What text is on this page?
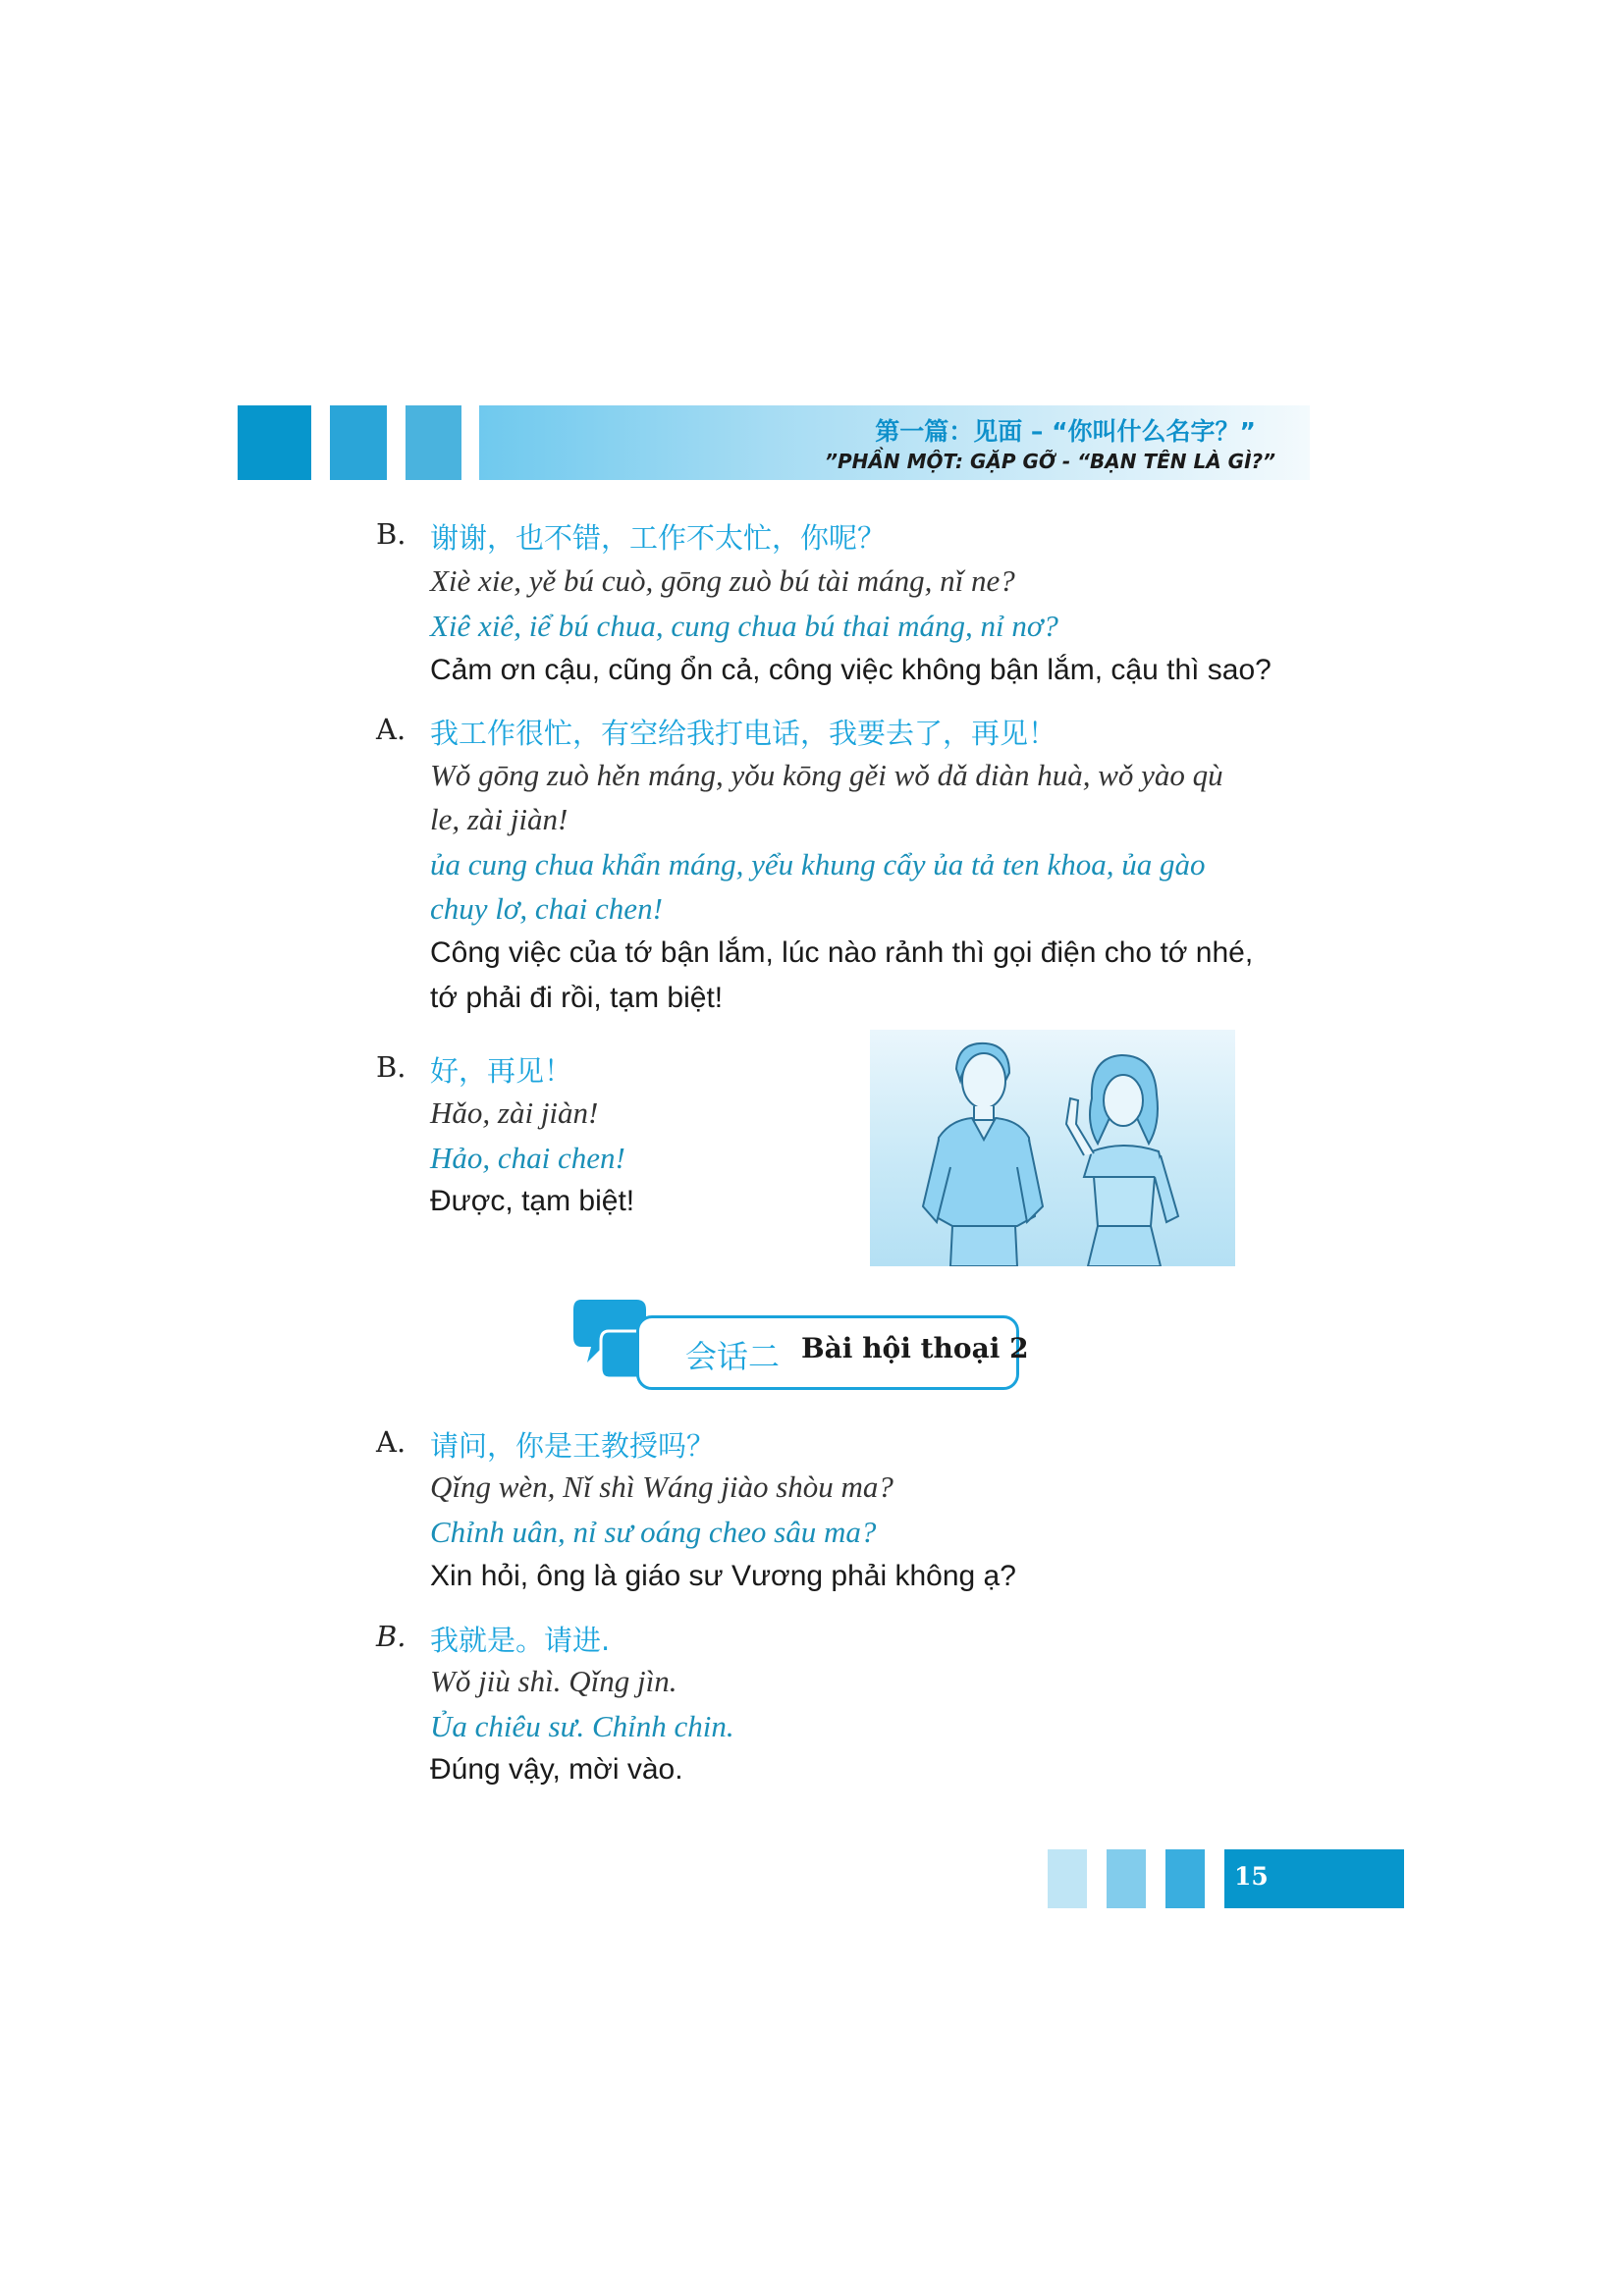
第一篇：见面 – “你叫什么名字？”
”PHẦN MỘT: GẶP GỠ - “BẠN TÊN LÀ GÌ?”
B. 谢谢，也不错，工作不太忙，你呢？
Xiè xie, yě bú cuò, gōng zuò bú tài máng, nǐ ne?
Xiê xiê, iể bú chua, cung chua bú thai máng, nỉ nơ?
Cảm ơn cậu, cũng ổn cả, công việc không bận lắm, cậu thì sao?
A. 我工作很忙，有空给我打电话，我要去了，再见！
Wǒ gōng zuò hěn máng, yǒu kōng gěi wǒ dǎ diàn huà, wǒ yào qù
le, zài jiàn!
ủa cung chua khẩn máng, yểu khung cẩy ủa tả ten khoa, ủa gào
chuy lơ, chai chen!
Công việc của tớ bận lắm, lúc nào rảnh thì gọi điện cho tớ nhé,
tớ phải đi rồi, tạm biệt!
B. 好，再见！
Hǎo, zài jiàn!
Hảo, chai chen!
Được, tạm biệt!
会话二 Bài hội thoại 2
A. 请问，你是王教授吗？
Qǐng wèn, Nǐ shì Wáng jiào shòu ma?
Chỉnh uân, nỉ sư oáng cheo sâu ma?
Xin hỏi, ông là giáo sư Vương phải không ạ?
B. 我就是。请进.
Wǒ jiù shì. Qǐng jìn.
Ủa chiêu sư. Chỉnh chin.
Đúng vậy, mời vào.
15
